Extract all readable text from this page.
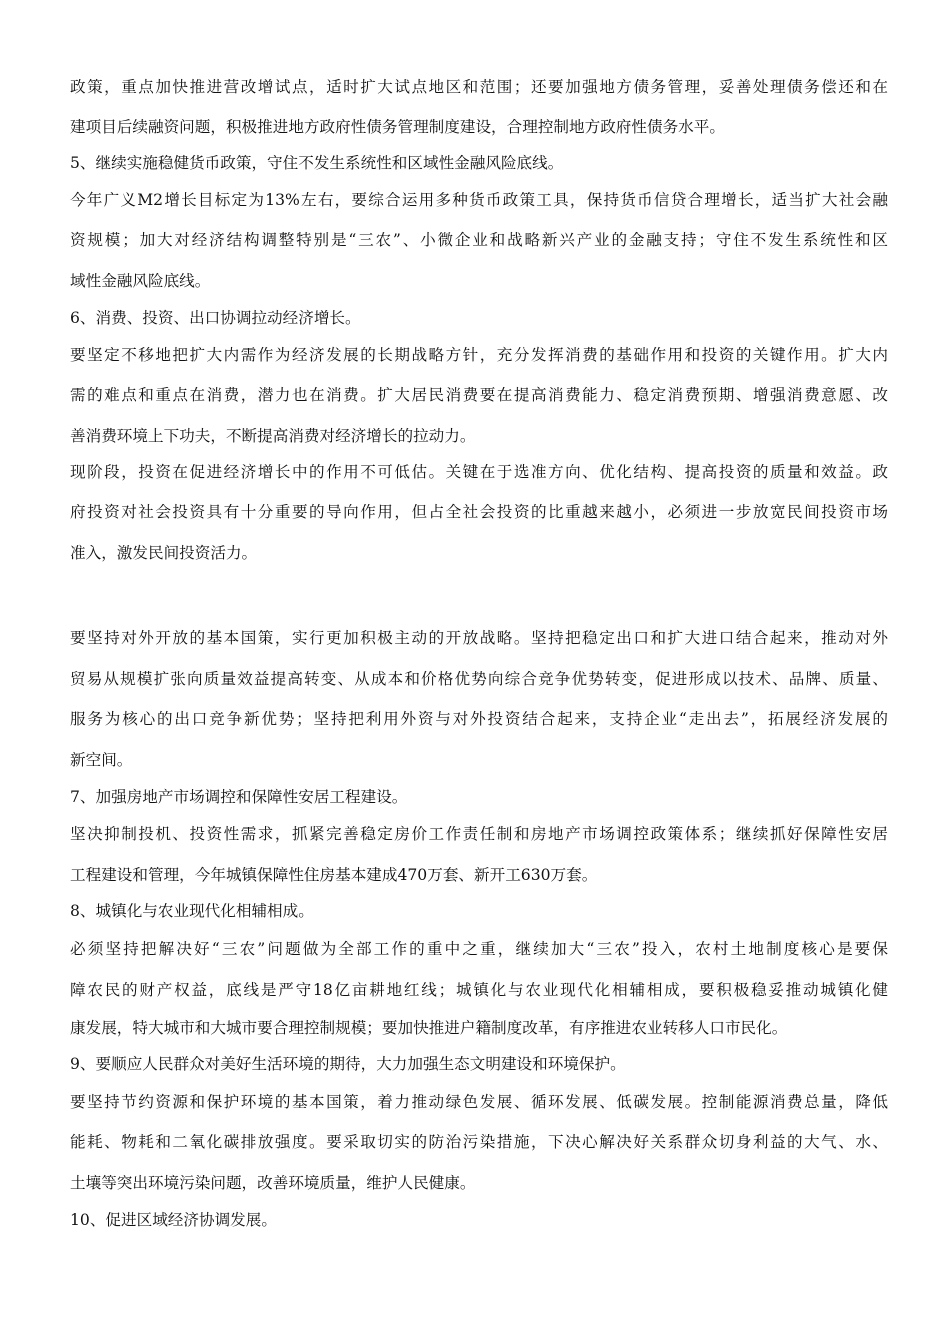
政策，重点加快推进营改增试点，适时扩大试点地区和范围；还要加强地方债务管理，妥善处理债务偿还和在
建项目后续融资问题，积极推进地方政府性债务管理制度建设，合理控制地方政府性债务水平。
5、继续实施稳健货币政策，守住不发生系统性和区域性金融风险底线。
今年广义M2增长目标定为13%左右，要综合运用多种货币政策工具，保持货币信贷合理增长，适当扩大社会融
资规模；加大对经济结构调整特别是“三农”、小微企业和战略新兴产业的金融支持；守住不发生系统性和区
域性金融风险底线。
6、消费、投资、出口协调拉动经济增长。
要坚定不移地把扩大内需作为经济发展的长期战略方针，充分发挥消费的基础作用和投资的关键作用。扩大内
需的难点和重点在消费，潜力也在消费。扩大居民消费要在提高消费能力、稳定消费预期、增强消费意愿、改
善消费环境上下功夫，不断提高消费对经济增长的拉动力。
现阶段，投资在促进经济增长中的作用不可低估。关键在于选准方向、优化结构、提高投资的质量和效益。政
府投资对社会投资具有十分重要的导向作用，但占全社会投资的比重越来越小，必须进一步放宽民间投资市场
准入，激发民间投资活力。
要坚持对外开放的基本国策，实行更加积极主动的开放战略。坚持把稳定出口和扩大进口结合起来，推动对外
贸易从规模扩张向质量效益提高转变、从成本和价格优势向综合竞争优势转变，促进形成以技术、品牌、质量、
服务为核心的出口竞争新优势；坚持把利用外资与对外投资结合起来，支持企业“走出去”，拓展经济发展的
新空间。
7、加强房地产市场调控和保障性安居工程建设。
坚决抑制投机、投资性需求，抓紧完善稳定房价工作责任制和房地产市场调控政策体系；继续抓好保障性安居
工程建设和管理，今年城镇保障性住房基本建成470万套、新开工630万套。
8、城镇化与农业现代化相辅相成。
必须坚持把解决好“三农”问题做为全部工作的重中之重，继续加大“三农”投入，农村土地制度核心是要保
障农民的财产权益，底线是严守18亿亩耕地红线；城镇化与农业现代化相辅相成，要积极稳妥推动城镇化健
康发展，特大城市和大城市要合理控制规模；要加快推进户籍制度改革，有序推进农业转移人口市民化。
9、要顺应人民群众对美好生活环境的期待，大力加强生态文明建设和环境保护。
要坚持节约资源和保护环境的基本国策，着力推动绿色发展、循环发展、低碳发展。控制能源消费总量，降低
能耗、物耗和二氧化碳排放强度。要采取切实的防治污染措施，下决心解决好关系群众切身利益的大气、水、
土壤等突出环境污染问题，改善环境质量，维护人民健康。
10、促进区域经济协调发展。
